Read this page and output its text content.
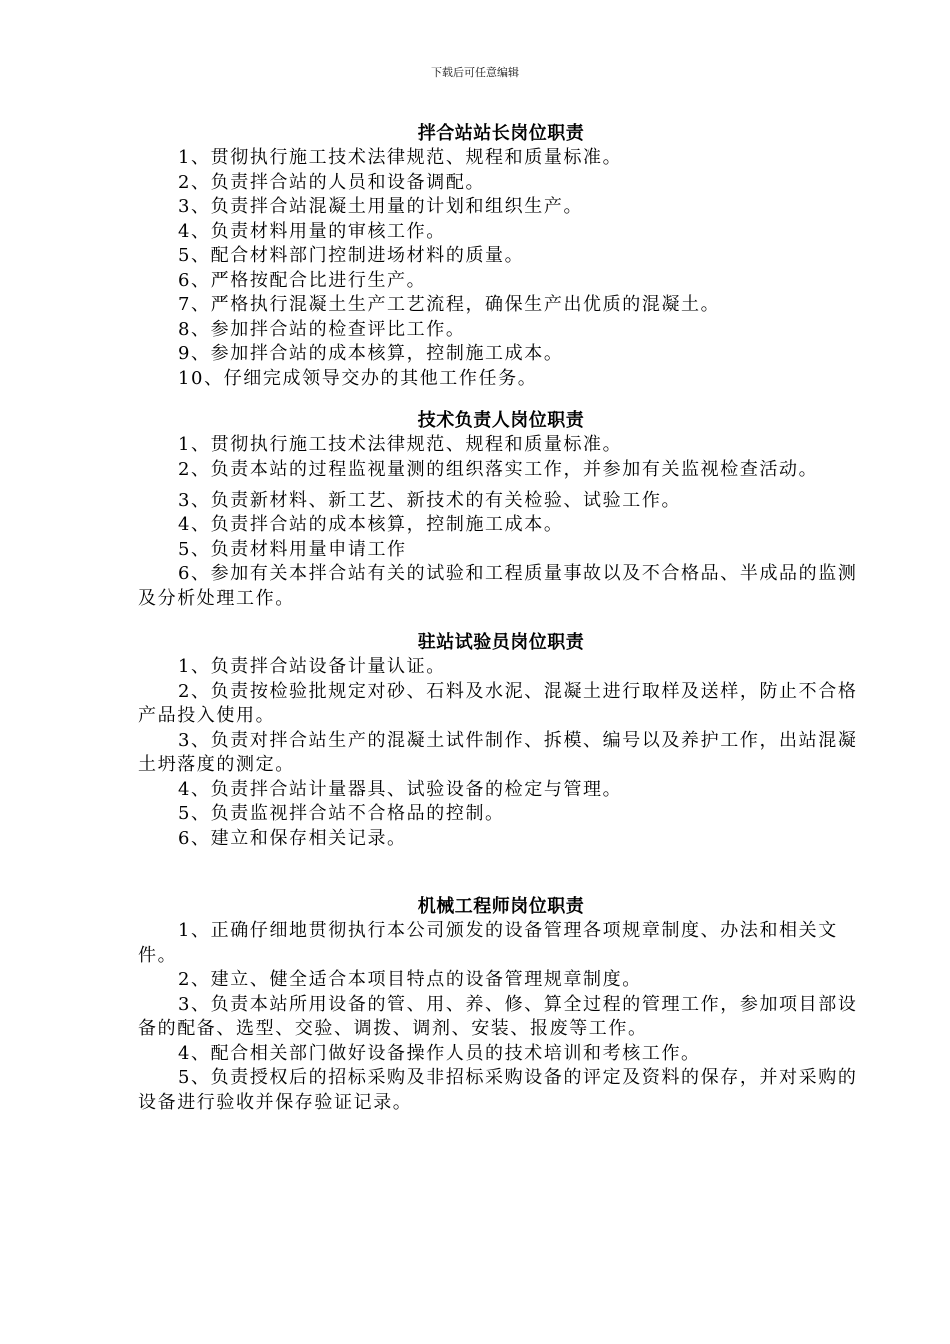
下载后可任意编辑

拌合站站长岗位职责

1、贯彻执行施工技术法律规范、规程和质量标准。

2、负责拌合站的人员和设备调配。

3、负责拌合站混凝土用量的计划和组织生产。

4、负责材料用量的审核工作。

5、配合材料部门控制进场材料的质量。

6、严格按配合比进行生产。

7、严格执行混凝土生产工艺流程，确保生产出优质的混凝土。

8、参加拌合站的检查评比工作。

9、参加拌合站的成本核算，控制施工成本。

10、仔细完成领导交办的其他工作任务。

技术负责人岗位职责

1、贯彻执行施工技术法律规范、规程和质量标准。

2、负责本站的过程监视量测的组织落实工作，并参加有关监视检查活动。

3、负责新材料、新工艺、新技术的有关检验、试验工作。

4、负责拌合站的成本核算，控制施工成本。

5、负责材料用量申请工作

6、参加有关本拌合站有关的试验和工程质量事故以及不合格品、半成品的监测及分析处理工作。

驻站试验员岗位职责

1、负责拌合站设备计量认证。

2、负责按检验批规定对砂、石料及水泥、混凝土进行取样及送样，防止不合格产品投入使用。

3、负责对拌合站生产的混凝土试件制作、拆模、编号以及养护工作，出站混凝土坍落度的测定。

4、负责拌合站计量器具、试验设备的检定与管理。

5、负责监视拌合站不合格品的控制。

6、建立和保存相关记录。

机械工程师岗位职责

1、正确仔细地贯彻执行本公司颁发的设备管理各项规章制度、办法和相关文件。

2、建立、健全适合本项目特点的设备管理规章制度。

3、负责本站所用设备的管、用、养、修、算全过程的管理工作，参加项目部设备的配备、选型、交验、调拨、调剂、安装、报废等工作。

4、配合相关部门做好设备操作人员的技术培训和考核工作。

5、负责授权后的招标采购及非招标采购设备的评定及资料的保存，并对采购的设备进行验收并保存验证记录。
